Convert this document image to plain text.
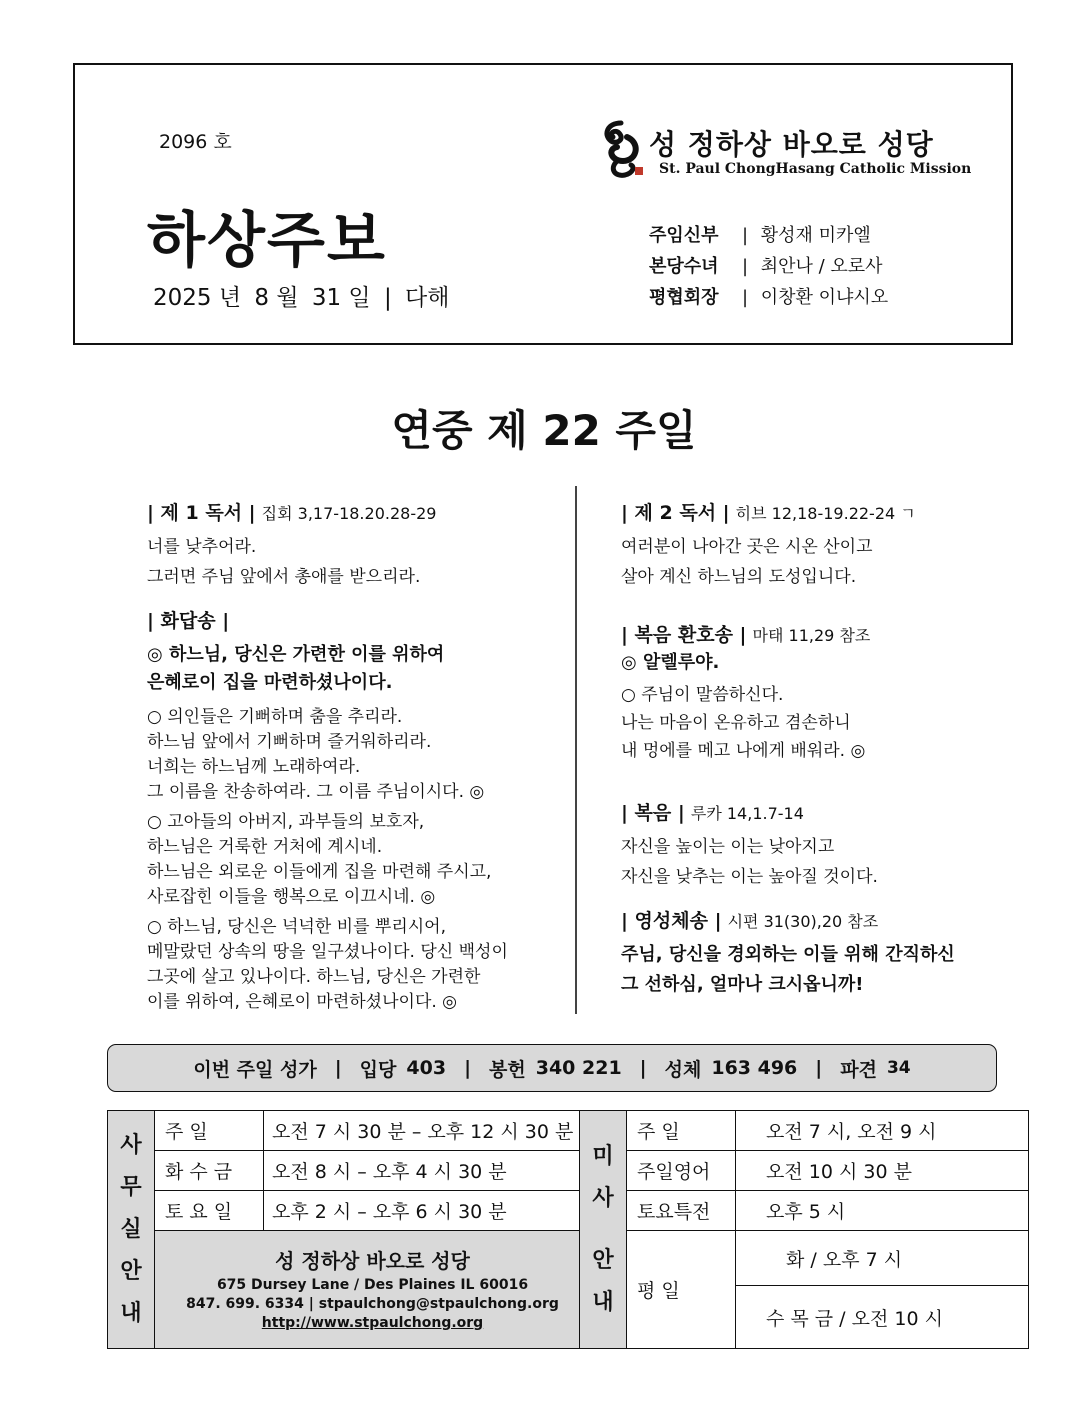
2096 호
하상주보
2025 년 8 월 31 일 | 다해
성 정하상 바오로 성당
St. Paul ChongHasang Catholic Mission
주임신부 | 황성재 미카엘
본당수녀 | 최안나 / 오로사
평협회장 | 이창환 이냐시오
연중 제 22 주일
| 제 1 독서 | 집회 3,17-18.20.28-29
너를 낮추어라.
그러면 주님 앞에서 총애를 받으리라.
| 화답송 |
◎ 하느님, 당신은 가련한 이를 위하여
은혜로이 집을 마련하셨나이다.
○ 의인들은 기뻐하며 춤을 추리라.
하느님 앞에서 기뻐하며 즐거워하리라.
너희는 하느님께 노래하여라.
그 이름을 찬송하여라. 그 이름 주님이시다. ◎
○ 고아들의 아버지, 과부들의 보호자,
하느님은 거룩한 거처에 계시네.
하느님은 외로운 이들에게 집을 마련해 주시고,
사로잡힌 이들을 행복으로 이끄시네. ◎
○ 하느님, 당신은 넉넉한 비를 뿌리시어,
메말랐던 상속의 땅을 일구셨나이다. 당신 백성이
그곳에 살고 있나이다. 하느님, 당신은 가련한
이를 위하여, 은혜로이 마련하셨나이다. ◎
| 제 2 독서 | 히브 12,18-19.22-24 ㄱ
여러분이 나아간 곳은 시온 산이고
살아 계신 하느님의 도성입니다.
| 복음 환호송 | 마태 11,29 참조
◎ 알렐루야.
○ 주님이 말씀하신다.
나는 마음이 온유하고 겸손하니
내 멍에를 메고 나에게 배워라. ◎
| 복음 | 루카 14,1.7-14
자신을 높이는 이는 낮아지고
자신을 낮추는 이는 높아질 것이다.
| 영성체송 | 시편 31(30),20 참조
주님, 당신을 경외하는 이들 위해 간직하신
그 선하심, 얼마나 크시옵니까!
이번 주일 성가 | 입당 403 | 봉헌 340 221 | 성체 163 496 | 파견 34
사
무
실
안
내	주 일	오전 7 시 30 분 – 오후 12 시 30 분
	화 수 금	오전 8 시 – 오후 4 시 30 분
	토 요 일	오후 2 시 – 오후 6 시 30 분

	성 정하상 바오로 성당
675 Dursey Lane / Des Plaines IL 60016
847. 699. 6334 | stpaulchong@stpaulchong.org
http://www.stpaulchong.org	
미
사
안
내	주 일	오전 7 시, 오전 9 시
	주일영어	오전 10 시 30 분
	토요특전	오후 5 시
	평 일	화 / 오후 7 시
		수 목 금 / 오전 10 시
